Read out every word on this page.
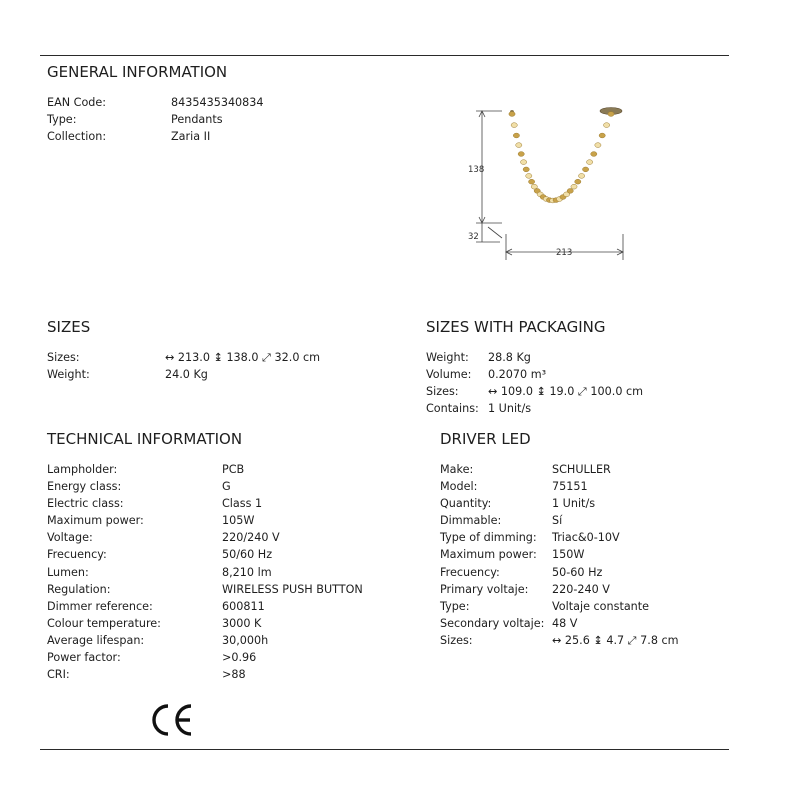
GENERAL INFORMATION
EAN Code:	8435435340834
Type:	Pendants
Collection:	Zaria II
138
32
213
SIZES
Sizes:	↔ 213.0 ↨ 138.0 ⤢ 32.0 cm
Weight:	24.0 Kg
SIZES WITH PACKAGING
Weight:	28.8 Kg
Volume:	0.2070 m³
Sizes:	↔ 109.0 ↨ 19.0 ⤢ 100.0 cm
Contains: 1 Unit/s
TECHNICAL INFORMATION
Lampholder:	PCB
Energy class:	G
Electric class:	Class 1
Maximum power:	105W
Voltage:	220/240 V
Frecuency:	50/60 Hz
Lumen:	8,210 lm
Regulation:	WIRELESS PUSH BUTTON
Dimmer reference:	600811
Colour temperature:	3000 K
Average lifespan:	30,000h
Power factor:	>0.96
CRI:	>88
DRIVER LED
Make:	SCHULLER
Model:	75151
Quantity:	1 Unit/s
Dimmable:	Sí
Type of dimming:	Triac&0-10V
Maximum power:	150W
Frecuency:	50-60 Hz
Primary voltaje:	220-240 V
Type:	Voltaje constante
Secondary voltaje: 48 V
Sizes:	↔ 25.6 ↨ 4.7 ⤢ 7.8 cm
